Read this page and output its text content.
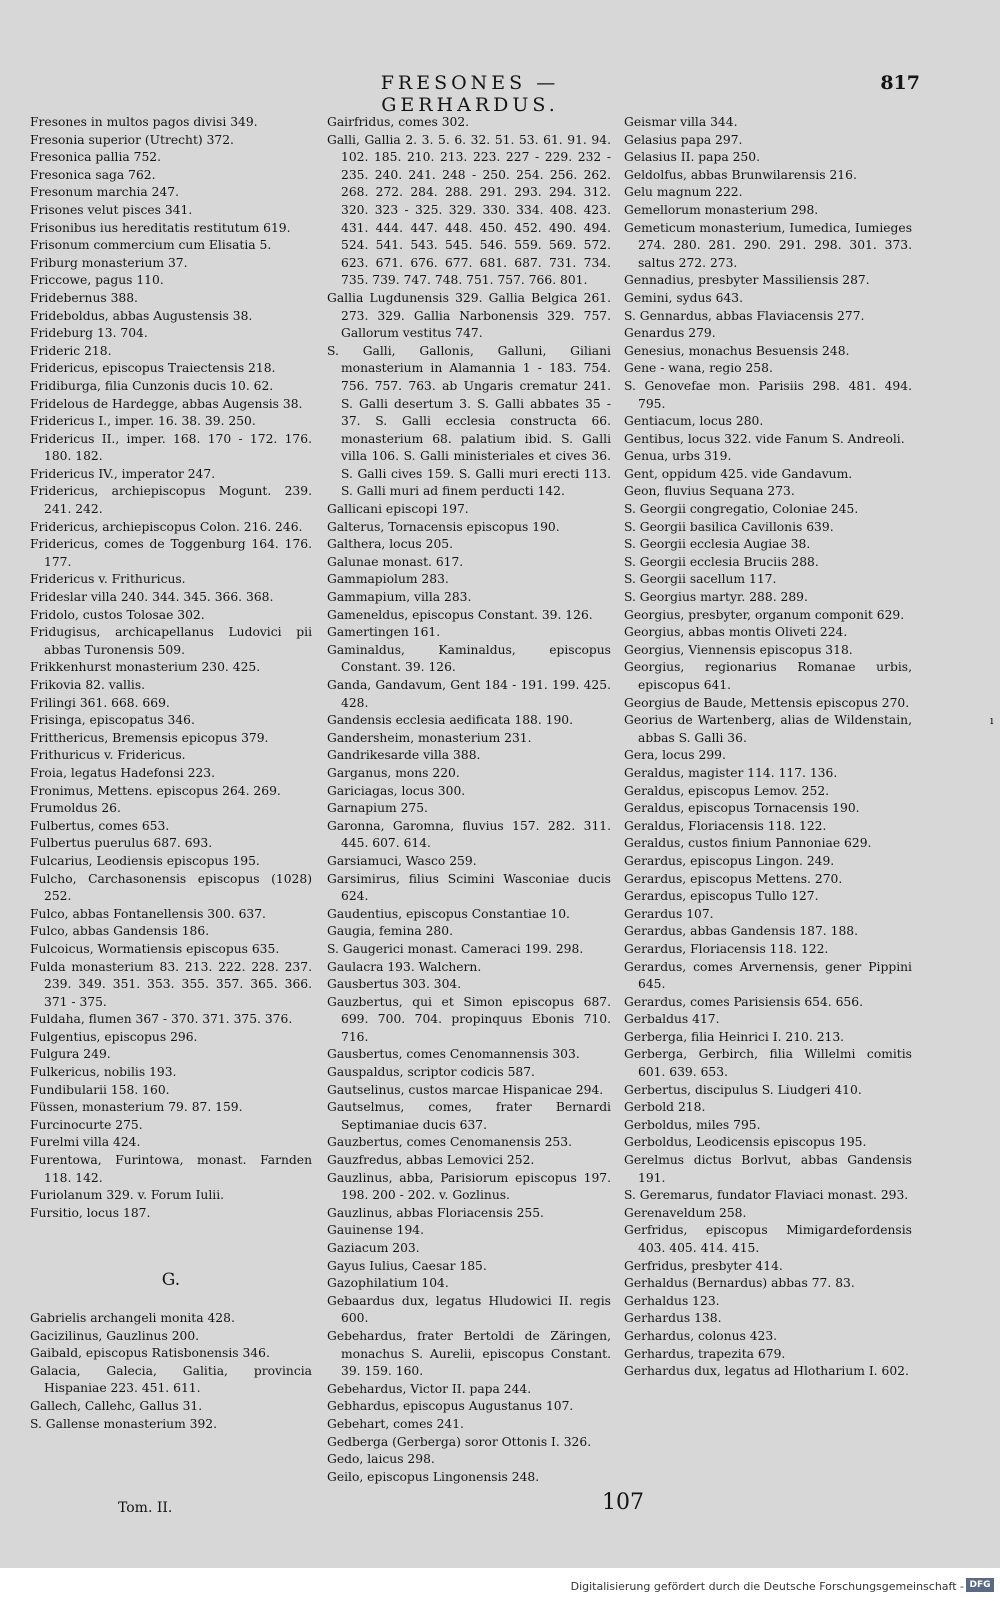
FRESONES — GERHARDUS.
817

Fresones in multos pagos divisi 349.

Fresonia superior (Utrecht) 372.

Fresonica pallia 752.

Fresonica saga 762.

Fresonum marchia 247.

Frisones velut pisces 341.

Frisonibus ius hereditatis restitutum 619.

Frisonum commercium cum Elisatia 5.

Friburg monasterium 37.

Friccowe, pagus 110.

Fridebernus 388.

Frideboldus, abbas Augustensis 38.

Frideburg 13. 704.

Frideric 218.

Fridericus, episcopus Traiectensis 218.

Fridiburga, filia Cunzonis ducis 10. 62.

Fridelous de Hardegge, abbas Augensis 38.

Fridericus I., imper. 16. 38. 39. 250.

Fridericus II., imper. 168. 170 - 172. 176. 180. 182.

Fridericus IV., imperator 247.

Fridericus, archiepiscopus Mogunt. 239. 241. 242.

Fridericus, archiepiscopus Colon. 216. 246.

Fridericus, comes de Toggenburg 164. 176. 177.

Fridericus v. Frithuricus.

Frideslar villa 240. 344. 345. 366. 368.

Fridolo, custos Tolosae 302.

Fridugisus, archicapellanus Ludovici pii abbas Turonensis 509.

Frikkenhurst monasterium 230. 425.

Frikovia 82. vallis.

Frilingi 361. 668. 669.

Frisinga, episcopatus 346.

Fritthericus, Bremensis epicopus 379.

Frithuricus v. Fridericus.

Froia, legatus Hadefonsi 223.

Fronimus, Mettens. episcopus 264. 269.

Frumoldus 26.

Fulbertus, comes 653.

Fulbertus puerulus 687. 693.

Fulcarius, Leodiensis episcopus 195.

Fulcho, Carchasonensis episcopus (1028) 252.

Fulco, abbas Fontanellensis 300. 637.

Fulco, abbas Gandensis 186.

Fulcoicus, Wormatiensis episcopus 635.

Fulda monasterium 83. 213. 222. 228. 237. 239. 349. 351. 353. 355. 357. 365. 366. 371 - 375.

Fuldaha, flumen 367 - 370. 371. 375. 376.

Fulgentius, episcopus 296.

Fulgura 249.

Fulkericus, nobilis 193.

Fundibularii 158. 160.

Füssen, monasterium 79. 87. 159.

Furcinocurte 275.

Furelmi villa 424.

Furentowa, Furintowa, monast. Farnden 118. 142.

Furiolanum 329. v. Forum Iulii.

Fursitio, locus 187.

G.

Gabrielis archangeli monita 428.

Gacizilinus, Gauzlinus 200.

Gaibald, episcopus Ratisbonensis 346.

Galacia, Galecia, Galitia, provincia Hispaniae 223. 451. 611.

Gallech, Callehc, Gallus 31.

S. Gallense monasterium 392.

Gairfridus, comes 302.

Galli, Gallia 2. 3. 5. 6. 32. 51. 53. 61. 91. 94. 102. 185. 210. 213. 223. 227 - 229. 232 - 235. 240. 241. 248 - 250. 254. 256. 262. 268. 272. 284. 288. 291. 293. 294. 312. 320. 323 - 325. 329. 330. 334. 408. 423. 431. 444. 447. 448. 450. 452. 490. 494. 524. 541. 543. 545. 546. 559. 569. 572. 623. 671. 676. 677. 681. 687. 731. 734. 735. 739. 747. 748. 751. 757. 766. 801.

Gallia Lugdunensis 329. Gallia Belgica 261. 273. 329. Gallia Narbonensis 329. 757. Gallorum vestitus 747.

S. Galli, Gallonis, Galluni, Giliani monasterium in Alamannia 1 - 183. 754. 756. 757. 763. ab Ungaris crematur 241. S. Galli desertum 3. S. Galli abbates 35 - 37. S. Galli ecclesia constructa 66. monasterium 68. palatium ibid. S. Galli villa 106. S. Galli ministeriales et cives 36. S. Galli cives 159. S. Galli muri erecti 113. S. Galli muri ad finem perducti 142.

Gallicani episcopi 197.

Galterus, Tornacensis episcopus 190.

Galthera, locus 205.

Galunae monast. 617.

Gammapiolum 283.

Gammapium, villa 283.

Gameneldus, episcopus Constant. 39. 126.

Gamertingen 161.

Gaminaldus, Kaminaldus, episcopus Constant. 39. 126.

Ganda, Gandavum, Gent 184 - 191. 199. 425. 428.

Gandensis ecclesia aedificata 188. 190.

Gandersheim, monasterium 231.

Gandrikesarde villa 388.

Garganus, mons 220.

Gariciagas, locus 300.

Garnapium 275.

Garonna, Garomna, fluvius 157. 282. 311. 445. 607. 614.

Garsiamuci, Wasco 259.

Garsimirus, filius Scimini Wasconiae ducis 624.

Gaudentius, episcopus Constantiae 10.

Gaugia, femina 280.

S. Gaugerici monast. Cameraci 199. 298.

Gaulacra 193. Walchern.

Gausbertus 303. 304.

Gauzbertus, qui et Simon episcopus 687. 699. 700. 704. propinquus Ebonis 710. 716.

Gausbertus, comes Cenomannensis 303.

Gauspaldus, scriptor codicis 587.

Gautselinus, custos marcae Hispanicae 294.

Gautselmus, comes, frater Bernardi Septimaniae ducis 637.

Gauzbertus, comes Cenomanensis 253.

Gauzfredus, abbas Lemovici 252.

Gauzlinus, abba, Parisiorum episcopus 197. 198. 200 - 202. v. Gozlinus.

Gauzlinus, abbas Floriacensis 255.

Gauinense 194.

Gaziacum 203.

Gayus Iulius, Caesar 185.

Gazophilatium 104.

Gebaardus dux, legatus Hludowici II. regis 600.

Gebehardus, frater Bertoldi de Zäringen, monachus S. Aurelii, episcopus Constant. 39. 159. 160.

Gebehardus, Victor II. papa 244.

Gebhardus, episcopus Augustanus 107.

Gebehart, comes 241.

Gedberga (Gerberga) soror Ottonis I. 326.

Gedo, laicus 298.

Geilo, episcopus Lingonensis 248.

Geismar villa 344.

Gelasius papa 297.

Gelasius II. papa 250.

Geldolfus, abbas Brunwilarensis 216.

Gelu magnum 222.

Gemellorum monasterium 298.

Gemeticum monasterium, Iumedica, Iumieges 274. 280. 281. 290. 291. 298. 301. 373. saltus 272. 273.

Gennadius, presbyter Massiliensis 287.

Gemini, sydus 643.

S. Gennardus, abbas Flaviacensis 277.

Genardus 279.

Genesius, monachus Besuensis 248.

Gene - wana, regio 258.

S. Genovefae mon. Parisiis 298. 481. 494. 795.

Gentiacum, locus 280.

Gentibus, locus 322. vide Fanum S. Andreoli.

Genua, urbs 319.

Gent, oppidum 425. vide Gandavum.

Geon, fluvius Sequana 273.

S. Georgii congregatio, Coloniae 245.

S. Georgii basilica Cavillonis 639.

S. Georgii ecclesia Augiae 38.

S. Georgii ecclesia Bruciis 288.

S. Georgii sacellum 117.

S. Georgius martyr. 288. 289.

Georgius, presbyter, organum componit 629.

Georgius, abbas montis Oliveti 224.

Georgius, Viennensis episcopus 318.

Georgius, regionarius Romanae urbis, episcopus 641.

Georgius de Baude, Mettensis episcopus 270.

Georius de Wartenberg, alias de Wildenstain, abbas S. Galli 36.

Gera, locus 299.

Geraldus, magister 114. 117. 136.

Geraldus, episcopus Lemov. 252.

Geraldus, episcopus Tornacensis 190.

Geraldus, Floriacensis 118. 122.

Geraldus, custos finium Pannoniae 629.

Gerardus, episcopus Lingon. 249.

Gerardus, episcopus Mettens. 270.

Gerardus, episcopus Tullo 127.

Gerardus 107.

Gerardus, abbas Gandensis 187. 188.

Gerardus, Floriacensis 118. 122.

Gerardus, comes Arvernensis, gener Pippini 645.

Gerardus, comes Parisiensis 654. 656.

Gerbaldus 417.

Gerberga, filia Heinrici I. 210. 213.

Gerberga, Gerbirch, filia Willelmi comitis 601. 639. 653.

Gerbertus, discipulus S. Liudgeri 410.

Gerbold 218.

Gerboldus, miles 795.

Gerboldus, Leodicensis episcopus 195.

Gerelmus dictus Borlvut, abbas Gandensis 191.

S. Geremarus, fundator Flaviaci monast. 293.

Gerenaveldum 258.

Gerfridus, episcopus Mimigardefordensis 403. 405. 414. 415.

Gerfridus, presbyter 414.

Gerhaldus (Bernardus) abbas 77. 83.

Gerhaldus 123.

Gerhardus 138.

Gerhardus, colonus 423.

Gerhardus, trapezita 679.

Gerhardus dux, legatus ad Hlotharium I. 602.

Tom. II.	107
ı
Digitalisierung gefördert durch die Deutsche Forschungsgemeinschaft - DFG
